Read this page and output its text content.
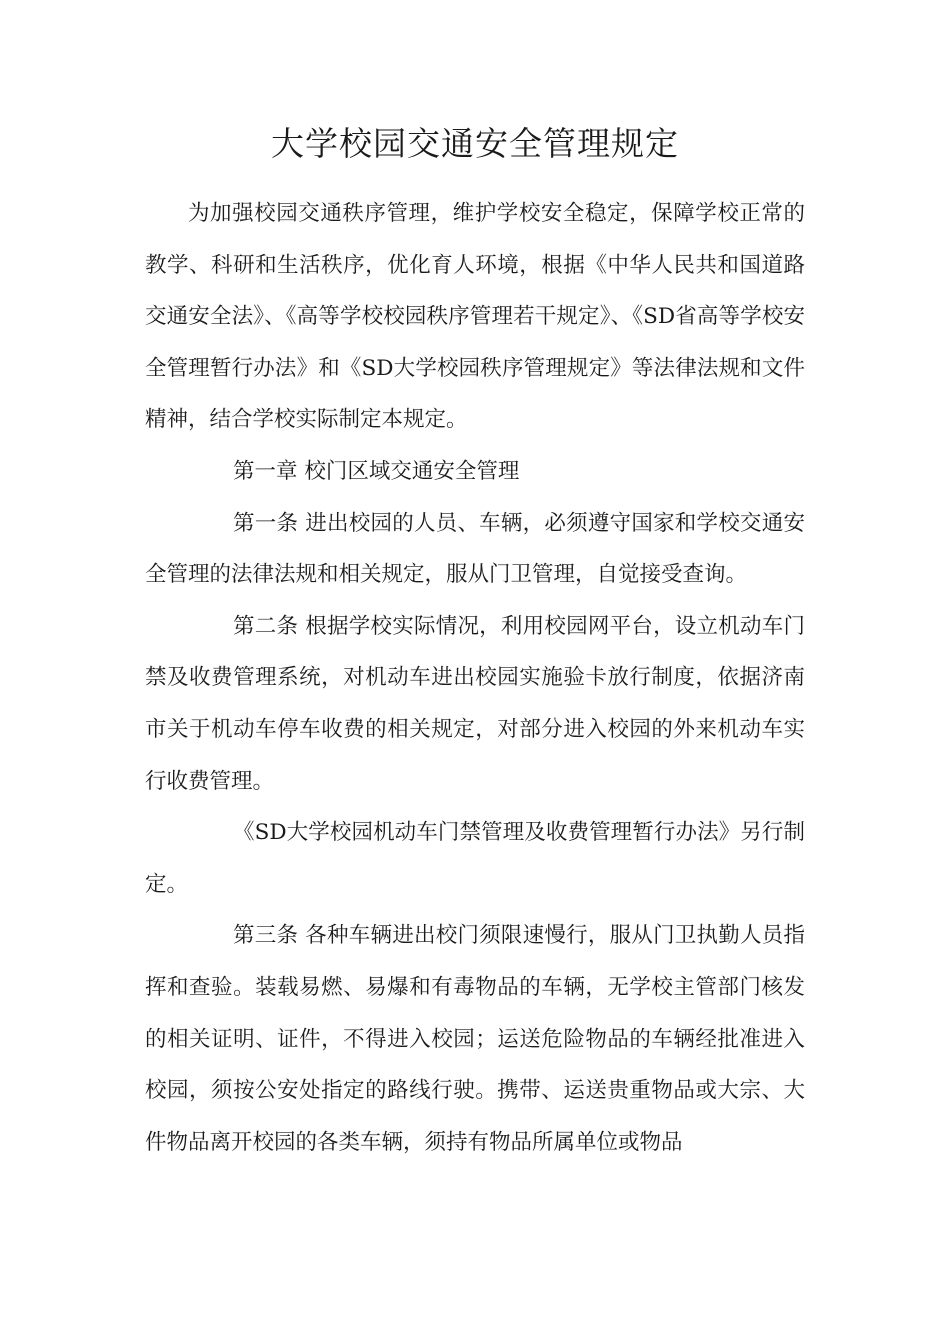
大学校园交通安全管理规定

为加强校园交通秩序管理，维护学校安全稳定，保障学校正常的教学、科研和生活秩序，优化育人环境，根据《中华人民共和国道路交通安全法》、《高等学校校园秩序管理若干规定》、《SD省高等学校安全管理暂行办法》和《SD大学校园秩序管理规定》等法律法规和文件精神，结合学校实际制定本规定。

第一章 校门区域交通安全管理

第一条 进出校园的人员、车辆，必须遵守国家和学校交通安全管理的法律法规和相关规定，服从门卫管理，自觉接受查询。

第二条 根据学校实际情况，利用校园网平台，设立机动车门禁及收费管理系统，对机动车进出校园实施验卡放行制度，依据济南市关于机动车停车收费的相关规定，对部分进入校园的外来机动车实行收费管理。

《SD大学校园机动车门禁管理及收费管理暂行办法》另行制定。

第三条 各种车辆进出校门须限速慢行，服从门卫执勤人员指挥和查验。装载易燃、易爆和有毒物品的车辆，无学校主管部门核发的相关证明、证件，不得进入校园；运送危险物品的车辆经批准进入校园，须按公安处指定的路线行驶。携带、运送贵重物品或大宗、大件物品离开校园的各类车辆，须持有物品所属单位或物品
